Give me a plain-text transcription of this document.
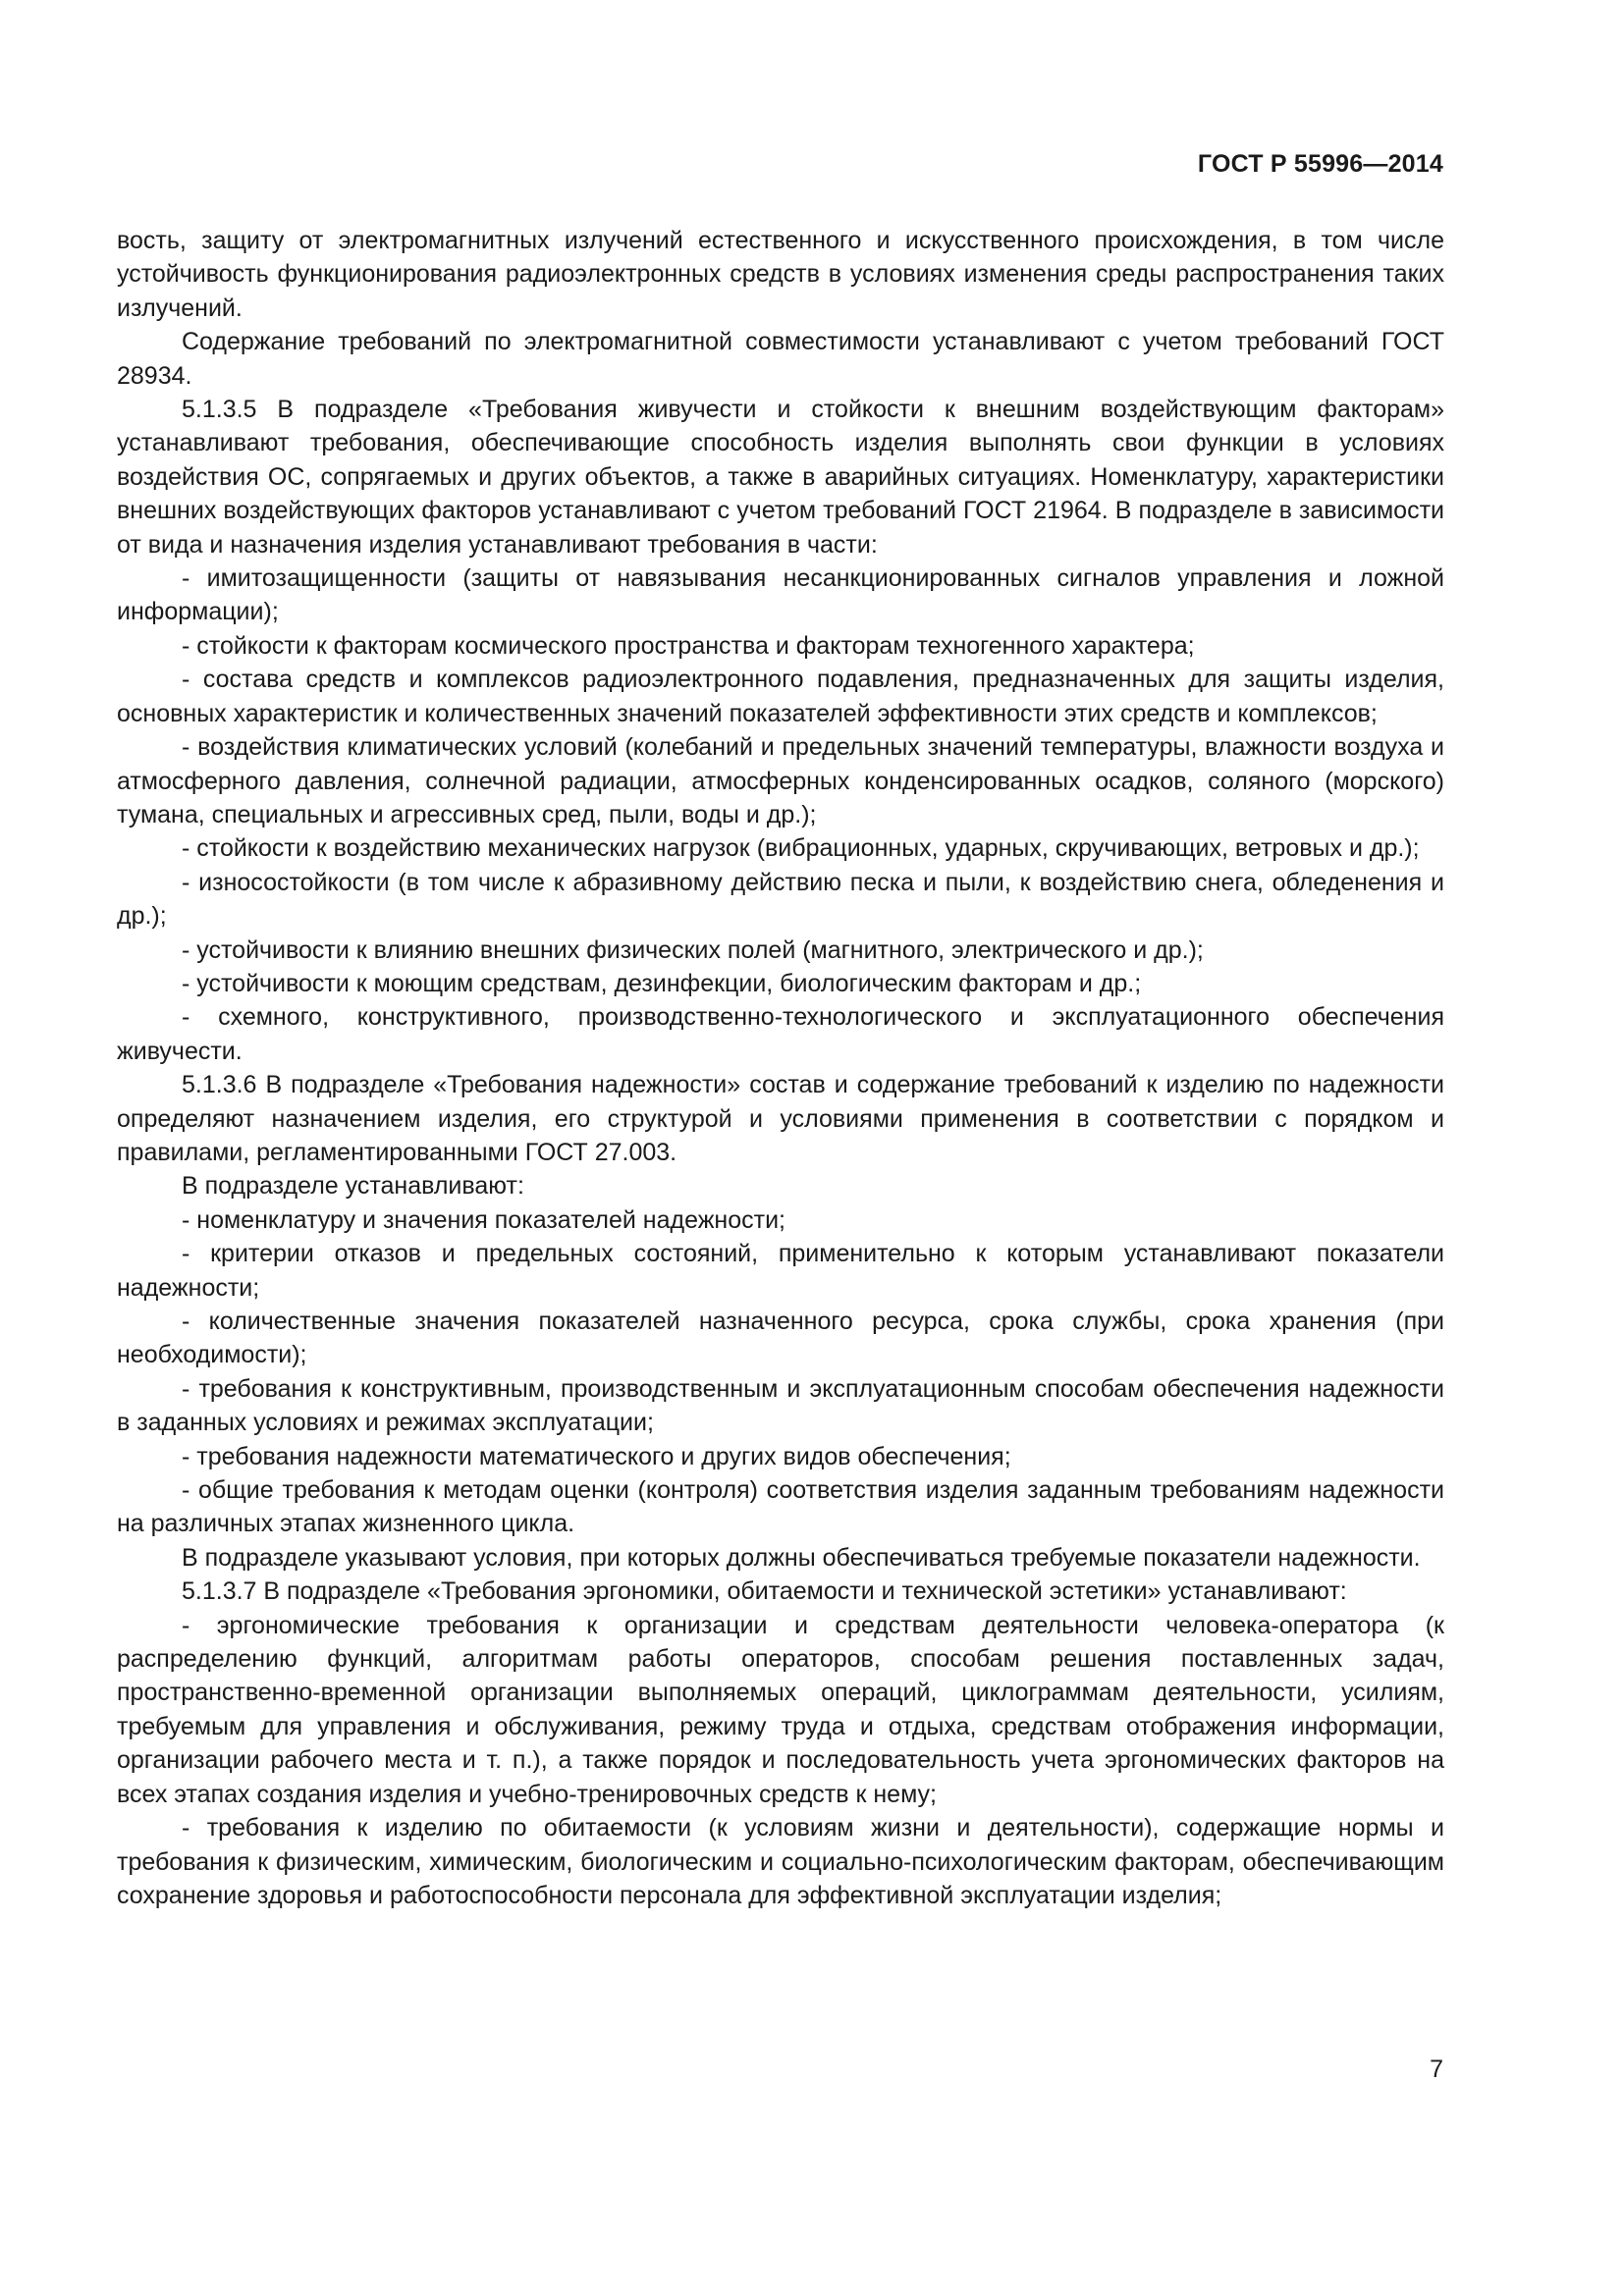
ГОСТ Р 55996—2014

вость, защиту от электромагнитных излучений естественного и искусственного происхождения, в том числе устойчивость функционирования радиоэлектронных средств в условиях изменения среды распространения таких излучений.

Содержание требований по электромагнитной совместимости устанавливают с учетом требований ГОСТ 28934.

5.1.3.5 В подразделе «Требования живучести и стойкости к внешним воздействующим факторам» устанавливают требования, обеспечивающие способность изделия выполнять свои функции в условиях воздействия ОС, сопрягаемых и других объектов, а также в аварийных ситуациях. Номенклатуру, характеристики внешних воздействующих факторов устанавливают с учетом требований ГОСТ 21964. В подразделе в зависимости от вида и назначения изделия устанавливают требования в части:

- имитозащищенности (защиты от навязывания несанкционированных сигналов управления и ложной информации);

- стойкости к факторам космического пространства и факторам техногенного характера;

- состава средств и комплексов радиоэлектронного подавления, предназначенных для защиты изделия, основных характеристик и количественных значений показателей эффективности этих средств и комплексов;

- воздействия климатических условий (колебаний и предельных значений температуры, влажности воздуха и атмосферного давления, солнечной радиации, атмосферных конденсированных осадков, соляного (морского) тумана, специальных и агрессивных сред, пыли, воды и др.);

- стойкости к воздействию механических нагрузок (вибрационных, ударных, скручивающих, ветровых и др.);

- износостойкости (в том числе к абразивному действию песка и пыли, к воздействию снега, обледенения и др.);

- устойчивости к влиянию внешних физических полей (магнитного, электрического и др.);

- устойчивости к моющим средствам, дезинфекции, биологическим факторам и др.;

- схемного, конструктивного, производственно-технологического и эксплуатационного обеспечения живучести.

5.1.3.6 В подразделе «Требования надежности» состав и содержание требований к изделию по надежности определяют назначением изделия, его структурой и условиями применения в соответствии с порядком и правилами, регламентированными ГОСТ 27.003.

В подразделе устанавливают:

- номенклатуру и значения показателей надежности;

- критерии отказов и предельных состояний, применительно к которым устанавливают показатели надежности;

- количественные значения показателей назначенного ресурса, срока службы, срока хранения (при необходимости);

- требования к конструктивным, производственным и эксплуатационным способам обеспечения надежности в заданных условиях и режимах эксплуатации;

- требования надежности математического и других видов обеспечения;

- общие требования к методам оценки (контроля) соответствия изделия заданным требованиям надежности на различных этапах жизненного цикла.

В подразделе указывают условия, при которых должны обеспечиваться требуемые показатели надежности.

5.1.3.7 В подразделе «Требования эргономики, обитаемости и технической эстетики» устанавливают:

- эргономические требования к организации и средствам деятельности человека-оператора (к распределению функций, алгоритмам работы операторов, способам решения поставленных задач, пространственно-временной организации выполняемых операций, циклограммам деятельности, усилиям, требуемым для управления и обслуживания, режиму труда и отдыха, средствам отображения информации, организации рабочего места и т. п.), а также порядок и последовательность учета эргономических факторов на всех этапах создания изделия и учебно-тренировочных средств к нему;

- требования к изделию по обитаемости (к условиям жизни и деятельности), содержащие нормы и требования к физическим, химическим, биологическим и социально-психологическим факторам, обеспечивающим сохранение здоровья и работоспособности персонала для эффективной эксплуатации изделия;

7
